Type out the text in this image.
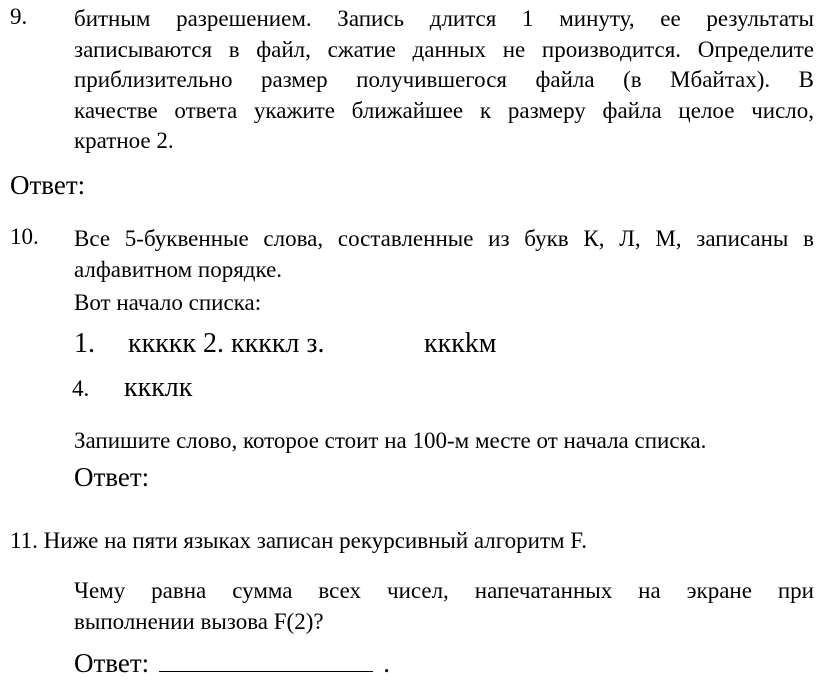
9. битным разрешением. Запись длится 1 минуту, ее результаты
записываются в файл, сжатие данных не производится. Определите
приблизительно размер получившегося файла (в Мбайтах). В
качестве ответа укажите ближайшее к размеру файла целое число,
кратное 2.
Ответ:
10. Все 5-буквенные слова, составленные из букв К, Л, М, записаны в
алфавитном порядке.
Вот начало списка:
1. ккккк 2. ккккл з.	кккkм
4. ккклк
Запишите слово, которое стоит на 100-м месте от начала списка.
Ответ:
11. Ниже на пяти языках записан рекурсивный алгоритм F.
Чему равна сумма всех чисел, напечатанных на экране при
выполнении вызова F(2)?
Ответ:	.
